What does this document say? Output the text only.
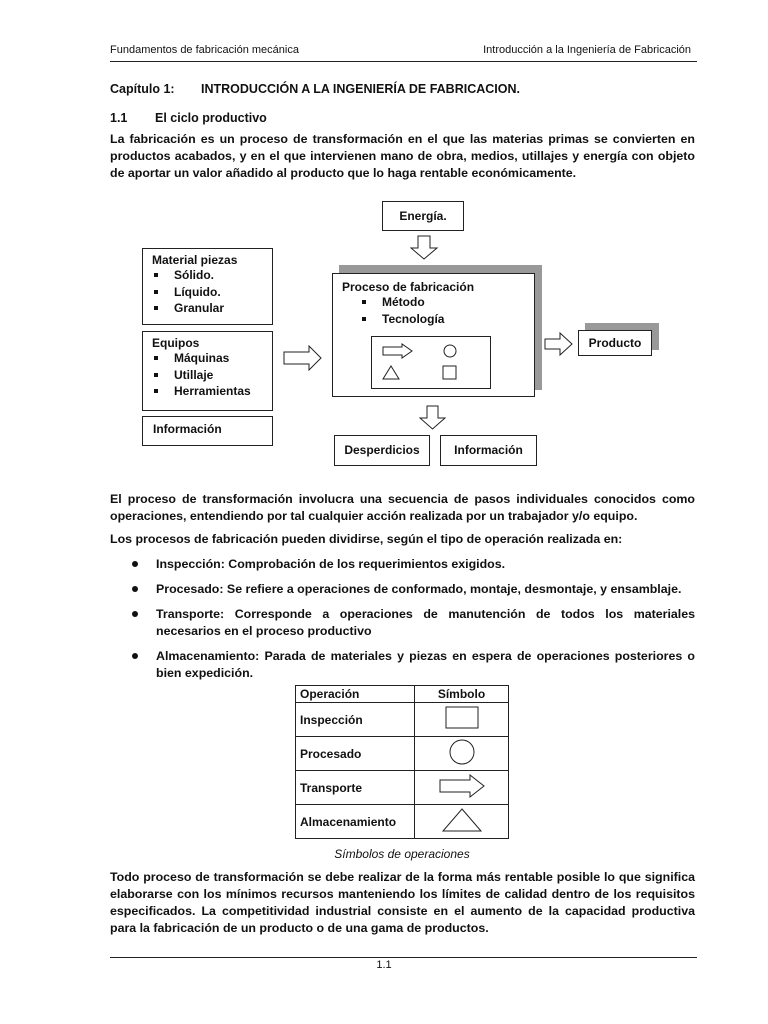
Fundamentos de fabricación mecánica	Introducción a la Ingeniería de Fabricación
Capítulo 1: INTRODUCCIÓN A LA INGENIERÍA DE FABRICACION.
1.1 El ciclo productivo

La fabricación es un proceso de transformación en el que las materias primas se convierten en productos acabados, y en el que intervienen mano de obra, medios, utillajes y energía con objeto de aportar un valor añadido al producto que lo haga rentable económicamente.

Energía.
Material piezas
Sólido.
Líquido.
Granular
Equipos
Máquinas
Utillaje
Herramientas
Información
Proceso de fabricación
Método
Tecnología
Producto
Desperdicios	Información

El proceso de transformación involucra una secuencia de pasos individuales conocidos como operaciones, entendiendo por tal cualquier acción realizada por un trabajador y/o equipo.

Los procesos de fabricación pueden dividirse, según el tipo de operación realizada en:

Inspección: Comprobación de los requerimientos exigidos.
Procesado: Se refiere a operaciones de conformado, montaje, desmontaje, y ensamblaje.
Transporte: Corresponde a operaciones de manutención de todos los materiales necesarios en el proceso productivo
Almacenamiento: Parada de materiales y piezas en espera de operaciones posteriores o bien expedición.
Operación	Símbolo
Inspección	
Procesado	
Transporte	
Almacenamiento	
Símbolos de operaciones

Todo proceso de transformación se debe realizar de la forma más rentable posible lo que significa elaborarse con los mínimos recursos manteniendo los límites de calidad dentro de los requisitos especificados. La competitividad industrial consiste en el aumento de la capacidad productiva para la fabricación de un producto o de una gama de productos.

1.1
